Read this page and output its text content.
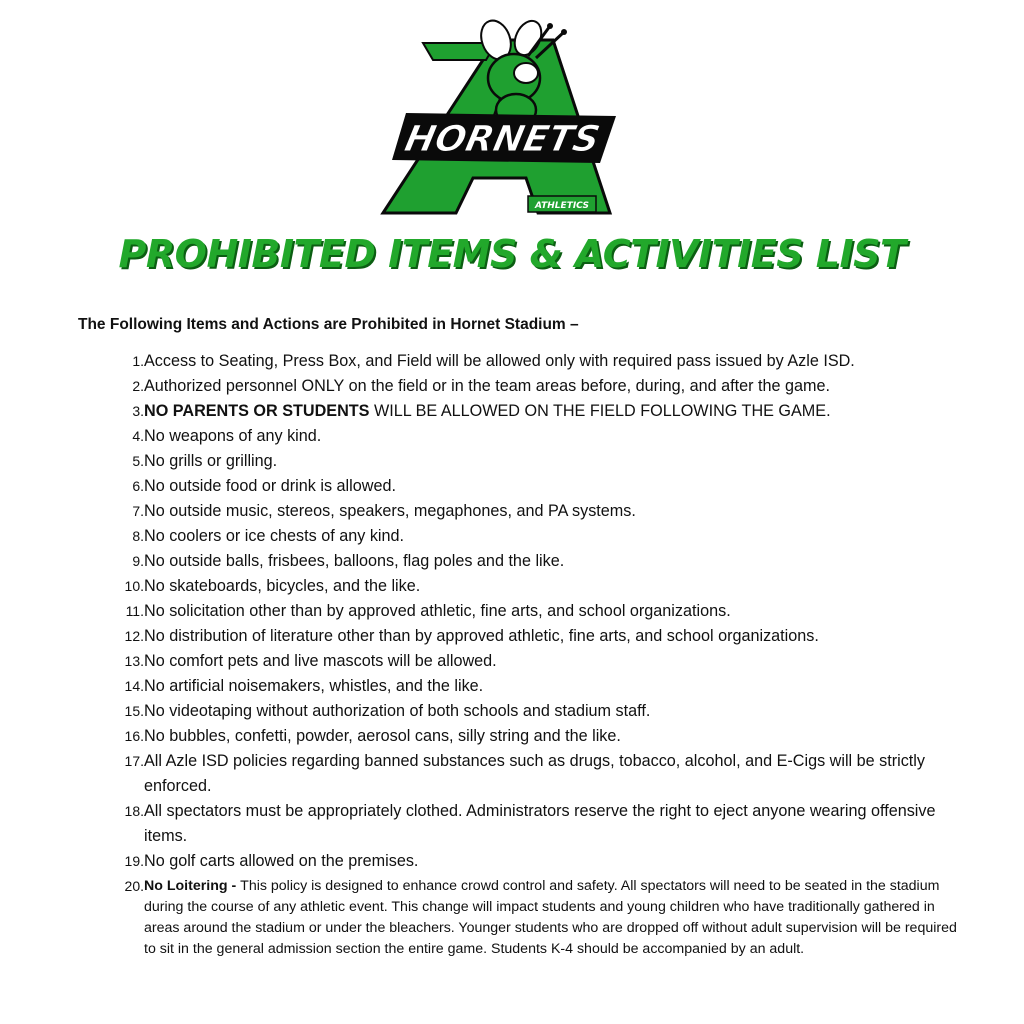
HORNETS
ATHLETICS
PROHIBITED ITEMS & ACTIVITIES LIST
The Following Items and Actions are Prohibited in Hornet Stadium –
1. Access to Seating, Press Box, and Field will be allowed only with required pass issued by Azle ISD.
2. Authorized personnel ONLY on the field or in the team areas before, during, and after the game.
3. NO PARENTS OR STUDENTS WILL BE ALLOWED ON THE FIELD FOLLOWING THE GAME.
4. No weapons of any kind.
5. No grills or grilling.
6. No outside food or drink is allowed.
7. No outside music, stereos, speakers, megaphones, and PA systems.
8. No coolers or ice chests of any kind.
9. No outside balls, frisbees, balloons, flag poles and the like.
10. No skateboards, bicycles, and the like.
11. No solicitation other than by approved athletic, fine arts, and school organizations.
12. No distribution of literature other than by approved athletic, fine arts, and school organizations.
13. No comfort pets and live mascots will be allowed.
14. No artificial noisemakers, whistles, and the like.
15. No videotaping without authorization of both schools and stadium staff.
16. No bubbles, confetti, powder, aerosol cans, silly string and the like.
17. All Azle ISD policies regarding banned substances such as drugs, tobacco, alcohol, and E-Cigs will be strictly enforced.
18. All spectators must be appropriately clothed. Administrators reserve the right to eject anyone wearing offensive items.
19. No golf carts allowed on the premises.
20. No Loitering - This policy is designed to enhance crowd control and safety. All spectators will need to be seated in the stadium during the course of any athletic event. This change will impact students and young children who have traditionally gathered in areas around the stadium or under the bleachers. Younger students who are dropped off without adult supervision will be required to sit in the general admission section the entire game. Students K-4 should be accompanied by an adult.
